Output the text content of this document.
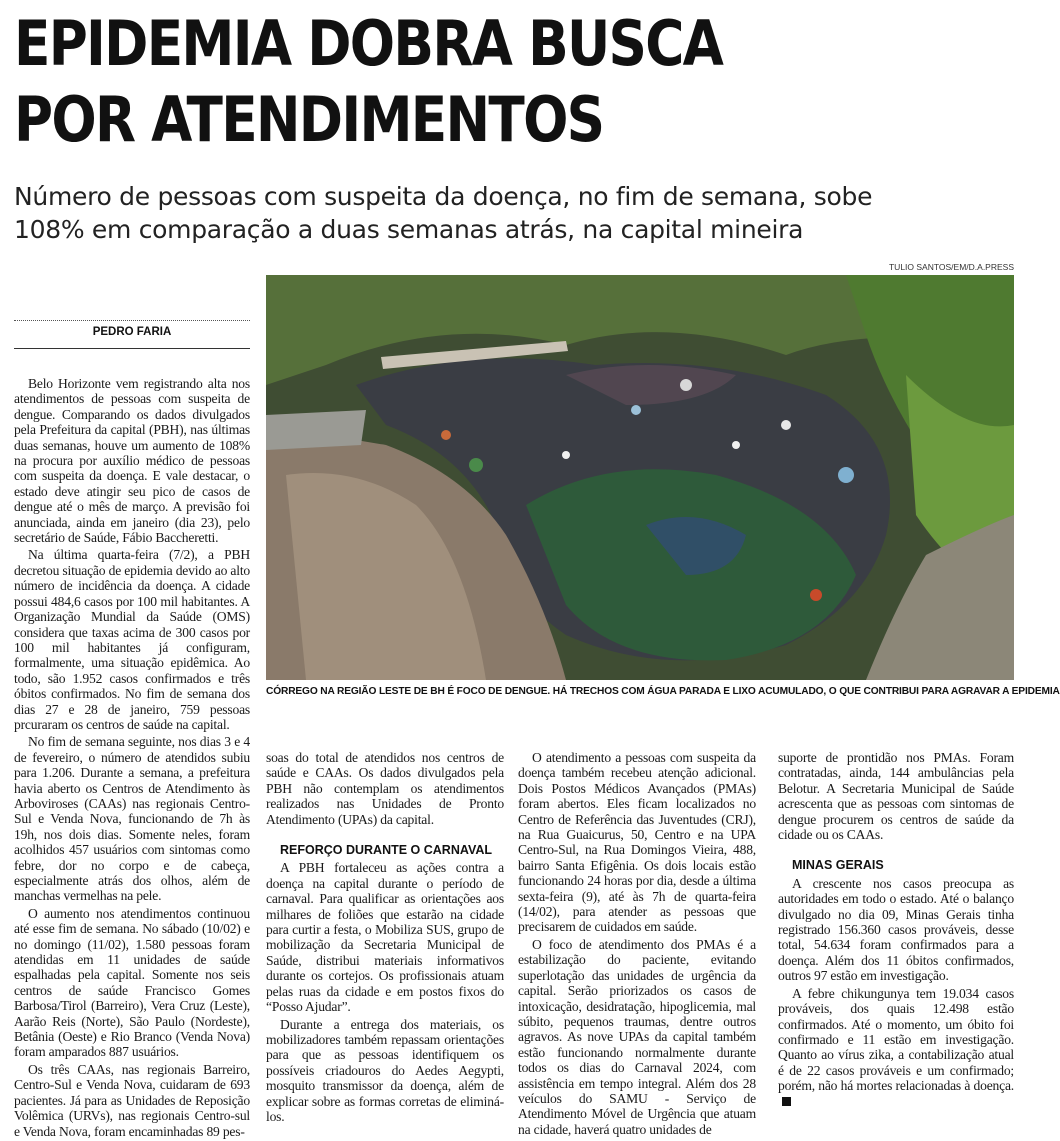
EPIDEMIA DOBRA BUSCA
POR ATENDIMENTOS
Número de pessoas com suspeita da doença, no fim de semana, sobe
108% em comparação a duas semanas atrás, na capital mineira
TULIO SANTOS/EM/D.A.PRESS
CÓRREGO NA REGIÃO LESTE DE BH É FOCO DE DENGUE. HÁ TRECHOS COM ÁGUA PARADA E LIXO ACUMULADO, O QUE CONTRIBUI PARA AGRAVAR A EPIDEMIA
PEDRO FARIA

Belo Horizonte vem registrando alta nos atendimentos de pessoas com suspeita de dengue. Comparando os dados divulgados pela Prefeitura da capital (PBH), nas últimas duas semanas, houve um aumento de 108% na procura por auxílio médico de pessoas com suspeita da doença. E vale destacar, o estado deve atingir seu pico de casos de dengue até o mês de março. A previsão foi anunciada, ainda em janeiro (dia 23), pelo secretário de Saúde, Fábio Baccheretti.

Na última quarta-feira (7/2), a PBH decretou situação de epidemia devido ao alto número de incidência da doença. A cidade possui 484,6 casos por 100 mil habitantes. A Organização Mundial da Saúde (OMS) considera que taxas acima de 300 casos por 100 mil habitantes já configuram, formalmente, uma situação epidêmica. Ao todo, são 1.952 casos confirmados e três óbitos confirmados. No fim de semana dos dias 27 e 28 de janeiro, 759 pessoas prcuraram os centros de saúde na capital.

No fim de semana seguinte, nos dias 3 e 4 de fevereiro, o número de atendidos subiu para 1.206. Durante a semana, a prefeitura havia aberto os Centros de Atendimento às Arboviroses (CAAs) nas regionais Centro-Sul e Venda Nova, funcionando de 7h às 19h, nos dois dias. Somente neles, foram acolhidos 457 usuários com sintomas como febre, dor no corpo e de cabeça, especialmente atrás dos olhos, além de manchas vermelhas na pele.

O aumento nos atendimentos continuou até esse fim de semana. No sábado (10/02) e no domingo (11/02), 1.580 pessoas foram atendidas em 11 unidades de saúde espalhadas pela capital. Somente nos seis centros de saúde Francisco Gomes Barbosa/Tirol (Barreiro), Vera Cruz (Leste), Aarão Reis (Norte), São Paulo (Nordeste), Betânia (Oeste) e Rio Branco (Venda Nova) foram amparados 887 usuários.

Os três CAAs, nas regionais Barreiro, Centro-Sul e Venda Nova, cuidaram de 693 pacientes. Já para as Unidades de Reposição Volêmica (URVs), nas regionais Centro-sul e Venda Nova, foram encaminhadas 89 pes-

soas do total de atendidos nos centros de saúde e CAAs. Os dados divulgados pela PBH não contemplam os atendimentos realizados nas Unidades de Pronto Atendimento (UPAs) da capital.

REFORÇO DURANTE O CARNAVAL

A PBH fortaleceu as ações contra a doença na capital durante o período de carnaval. Para qualificar as orientações aos milhares de foliões que estarão na cidade para curtir a festa, o Mobiliza SUS, grupo de mobilização da Secretaria Municipal de Saúde, distribui materiais informativos durante os cortejos. Os profissionais atuam pelas ruas da cidade e em postos fixos do “Posso Ajudar”.

Durante a entrega dos materiais, os mobilizadores também repassam orientações para que as pessoas identifiquem os possíveis criadouros do Aedes Aegypti, mosquito transmissor da doença, além de explicar sobre as formas corretas de eliminá-los.

O atendimento a pessoas com suspeita da doença também recebeu atenção adicional. Dois Postos Médicos Avançados (PMAs) foram abertos. Eles ficam localizados no Centro de Referência das Juventudes (CRJ), na Rua Guaicurus, 50, Centro e na UPA Centro-Sul, na Rua Domingos Vieira, 488, bairro Santa Efigênia. Os dois locais estão funcionando 24 horas por dia, desde a última sexta-feira (9), até às 7h de quarta-feira (14/02), para atender as pessoas que precisarem de cuidados em saúde.

O foco de atendimento dos PMAs é a estabilização do paciente, evitando superlotação das unidades de urgência da capital. Serão priorizados os casos de intoxicação, desidratação, hipoglicemia, mal súbito, pequenos traumas, dentre outros agravos. As nove UPAs da capital também estão funcionando normalmente durante todos os dias do Carnaval 2024, com assistência em tempo integral. Além dos 28 veículos do SAMU - Serviço de Atendimento Móvel de Urgência que atuam na cidade, haverá quatro unidades de

suporte de prontidão nos PMAs. Foram contratadas, ainda, 144 ambulâncias pela Belotur. A Secretaria Municipal de Saúde acrescenta que as pessoas com sintomas de dengue procurem os centros de saúde da cidade ou os CAAs.

MINAS GERAIS

A crescente nos casos preocupa as autoridades em todo o estado. Até o balanço divulgado no dia 09, Minas Gerais tinha registrado 156.360 casos prováveis, desse total, 54.634 foram confirmados para a doença. Além dos 11 óbitos confirmados, outros 97 estão em investigação.

A febre chikungunya tem 19.034 casos prováveis, dos quais 12.498 estão confirmados. Até o momento, um óbito foi confirmado e 11 estão em investigação. Quanto ao vírus zika, a contabilização atual é de 22 casos prováveis e um confirmado; porém, não há mortes relacionadas à doença.
